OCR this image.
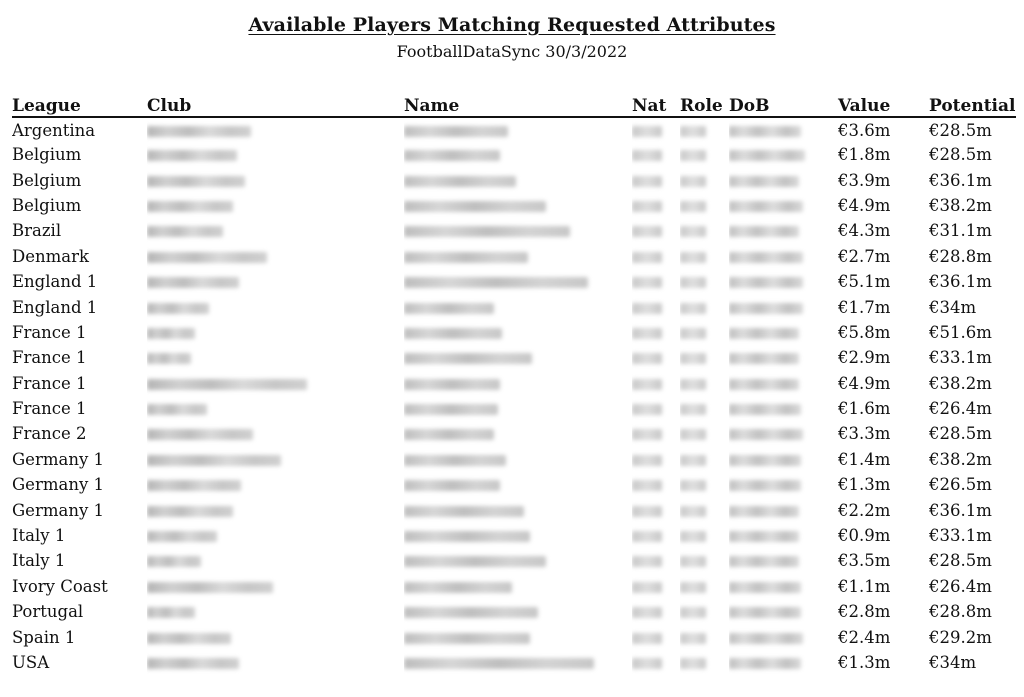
Available Players Matching Requested Attributes
FootballDataSync 30/3/2022
League	Club	Name	Nat	Role	DoB	Value	Potential
Argentina						€3.6m	€28.5m
Belgium						€1.8m	€28.5m
Belgium						€3.9m	€36.1m
Belgium						€4.9m	€38.2m
Brazil						€4.3m	€31.1m
Denmark						€2.7m	€28.8m
England 1						€5.1m	€36.1m
England 1						€1.7m	€34m
France 1						€5.8m	€51.6m
France 1						€2.9m	€33.1m
France 1						€4.9m	€38.2m
France 1						€1.6m	€26.4m
France 2						€3.3m	€28.5m
Germany 1						€1.4m	€38.2m
Germany 1						€1.3m	€26.5m
Germany 1						€2.2m	€36.1m
Italy 1						€0.9m	€33.1m
Italy 1						€3.5m	€28.5m
Ivory Coast						€1.1m	€26.4m
Portugal						€2.8m	€28.8m
Spain 1						€2.4m	€29.2m
USA						€1.3m	€34m
